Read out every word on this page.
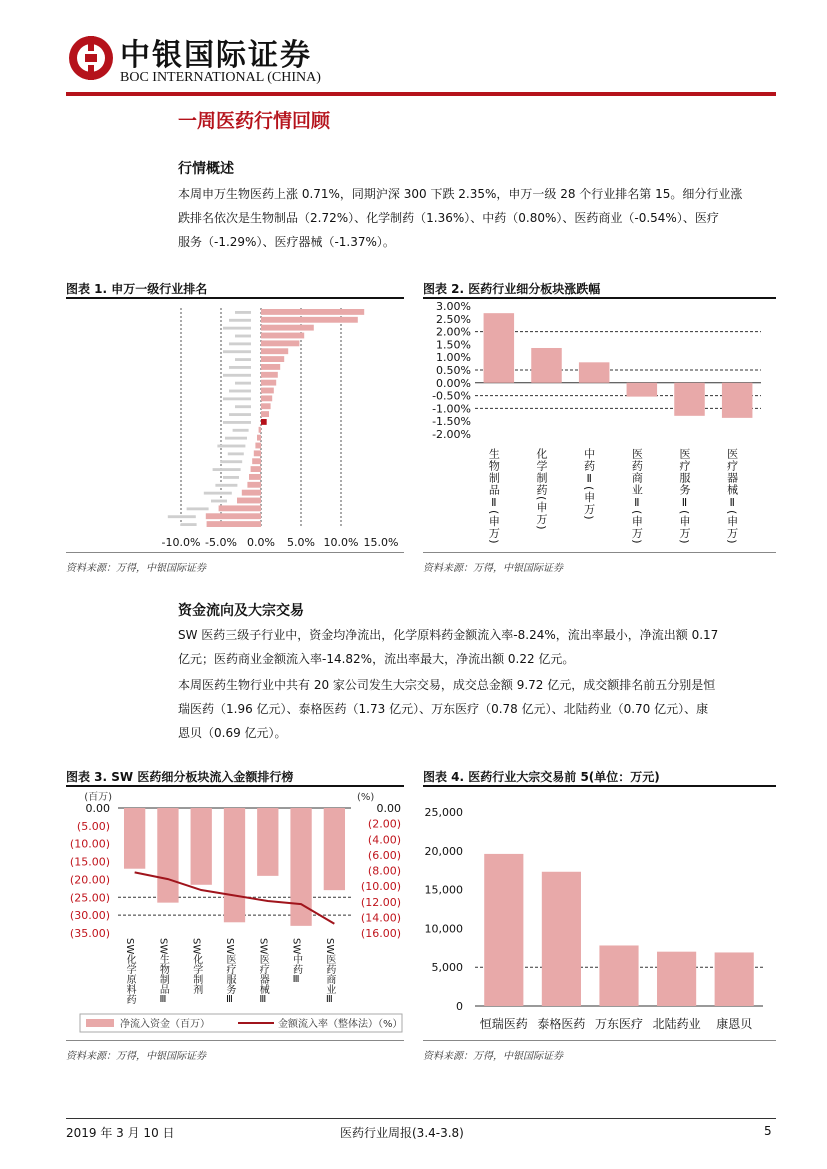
中银国际证券
BOC INTERNATIONAL (CHINA)
一周医药行情回顾
行情概述
本周申万生物医药上涨 0.71%，同期沪深 300 下跌 2.35%，申万一级 28 个行业排名第 15。细分行业涨
跌排名依次是生物制品（2.72%）、化学制药（1.36%）、中药（0.80%）、医药商业（-0.54%）、医疗
服务（-1.29%）、医疗器械（-1.37%）。
图表 1. 申万一级行业排名
-10.0% -5.0% 0.0% 5.0% 10.0% 15.0%
资料来源：万得，中银国际证券
图表 2. 医药行业细分板块涨跌幅
3.00%
2.50%
2.00%
1.50%
1.00%
0.50%
0.00%
-0.50%
-1.00%
-1.50%
-2.00%
生物制品Ⅱ(申万)	化学制药(申万)	中药Ⅱ(申万)	医药商业Ⅱ(申万)	医疗服务Ⅱ(申万)	医疗器械Ⅱ(申万)
资料来源：万得，中银国际证券
资金流向及大宗交易
SW 医药三级子行业中，资金均净流出，化学原料药金额流入率-8.24%，流出率最小，净流出额 0.17
亿元；医药商业金额流入率-14.82%，流出率最大，净流出额 0.22 亿元。
本周医药生物行业中共有 20 家公司发生大宗交易，成交总金额 9.72 亿元，成交额排名前五分别是恒
瑞医药（1.96 亿元）、泰格医药（1.73 亿元）、万东医疗（0.78 亿元）、北陆药业（0.70 亿元）、康
恩贝（0.69 亿元）。
图表 3. SW 医药细分板块流入金额排行榜
(百万)	(%)
0.00
(5.00)
(10.00)
(15.00)
(20.00)
(25.00)
(30.00)
(35.00)
0.00
(2.00)
(4.00)
(6.00)
(8.00)
(10.00)
(12.00)
(14.00)
(16.00)
SW化学原料药 SW生物制品Ⅲ SW化学制剂 SW医疗服务Ⅲ SW医疗器械Ⅲ SW中药Ⅲ SW医药商业Ⅲ
净流入资金（百万）	金额流入率（整体法）（%）
资料来源：万得，中银国际证券
图表 4. 医药行业大宗交易前 5(单位：万元)
25,000
20,000
15,000
10,000
5,000
0
恒瑞医药 泰格医药 万东医疗 北陆药业 康恩贝
资料来源：万得，中银国际证券
2019 年 3 月 10 日	医药行业周报(3.4-3.8)	5
